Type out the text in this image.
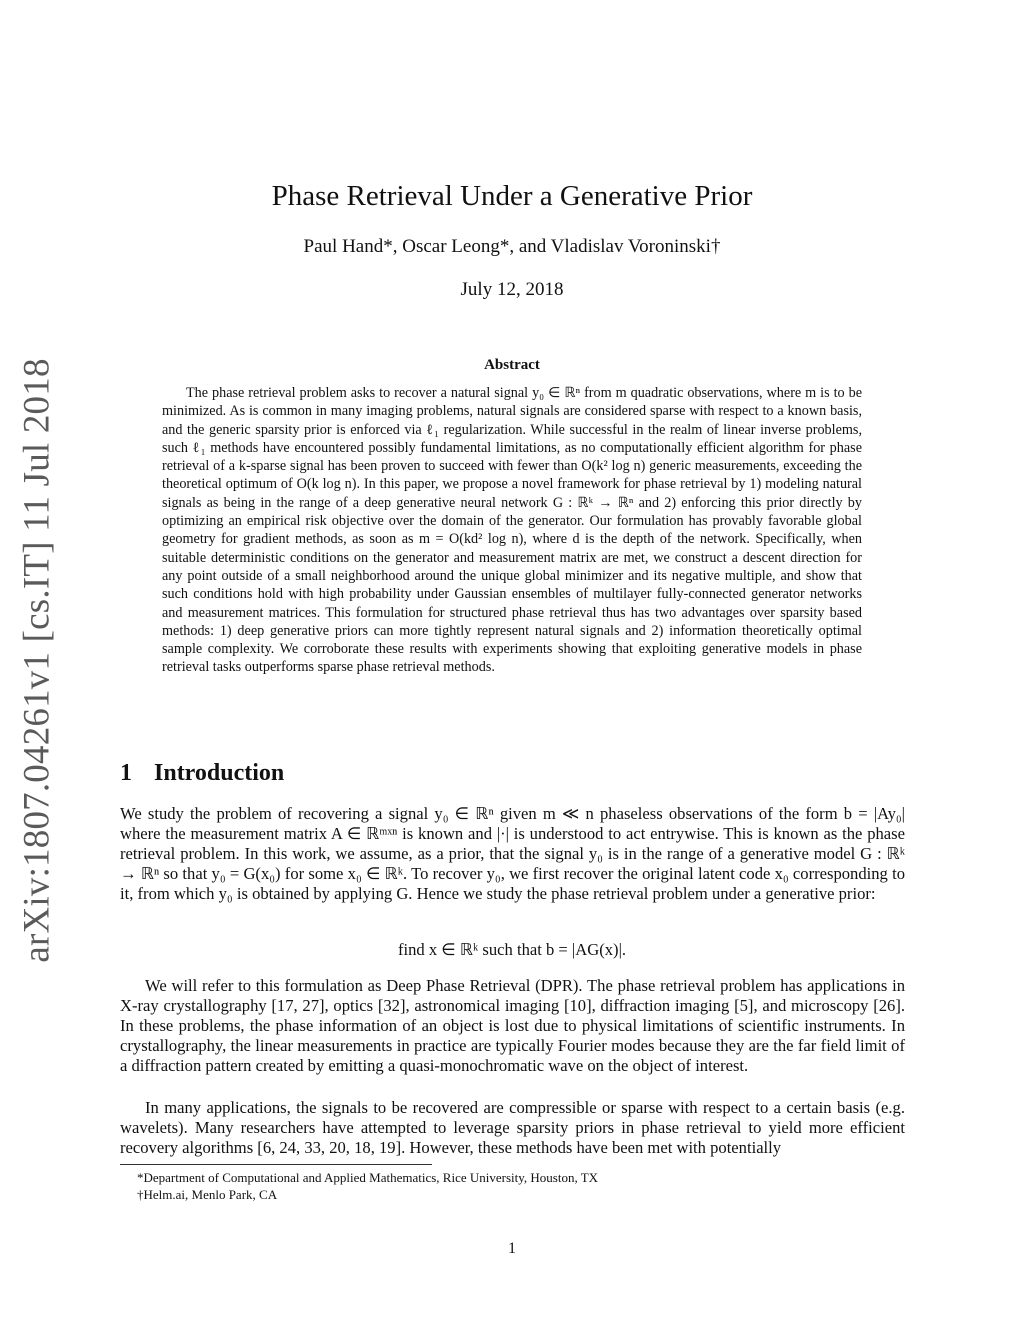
arXiv:1807.04261v1 [cs.IT] 11 Jul 2018
Phase Retrieval Under a Generative Prior
Paul Hand*, Oscar Leong*, and Vladislav Voroninski†
July 12, 2018
Abstract
The phase retrieval problem asks to recover a natural signal y₀ ∈ ℝⁿ from m quadratic observations, where m is to be minimized. As is common in many imaging problems, natural signals are considered sparse with respect to a known basis, and the generic sparsity prior is enforced via ℓ₁ regularization. While successful in the realm of linear inverse problems, such ℓ₁ methods have encountered possibly fundamental limitations, as no computationally efficient algorithm for phase retrieval of a k-sparse signal has been proven to succeed with fewer than O(k² log n) generic measurements, exceeding the theoretical optimum of O(k log n). In this paper, we propose a novel framework for phase retrieval by 1) modeling natural signals as being in the range of a deep generative neural network G : ℝᵏ → ℝⁿ and 2) enforcing this prior directly by optimizing an empirical risk objective over the domain of the generator. Our formulation has provably favorable global geometry for gradient methods, as soon as m = O(kd² log n), where d is the depth of the network. Specifically, when suitable deterministic conditions on the generator and measurement matrix are met, we construct a descent direction for any point outside of a small neighborhood around the unique global minimizer and its negative multiple, and show that such conditions hold with high probability under Gaussian ensembles of multilayer fully-connected generator networks and measurement matrices. This formulation for structured phase retrieval thus has two advantages over sparsity based methods: 1) deep generative priors can more tightly represent natural signals and 2) information theoretically optimal sample complexity. We corroborate these results with experiments showing that exploiting generative models in phase retrieval tasks outperforms sparse phase retrieval methods.
1 Introduction
We study the problem of recovering a signal y₀ ∈ ℝⁿ given m ≪ n phaseless observations of the form b = |Ay₀| where the measurement matrix A ∈ ℝᵐˣⁿ is known and |·| is understood to act entrywise. This is known as the phase retrieval problem. In this work, we assume, as a prior, that the signal y₀ is in the range of a generative model G : ℝᵏ → ℝⁿ so that y₀ = G(x₀) for some x₀ ∈ ℝᵏ. To recover y₀, we first recover the original latent code x₀ corresponding to it, from which y₀ is obtained by applying G. Hence we study the phase retrieval problem under a generative prior:
find x ∈ ℝᵏ such that b = |AG(x)|.
We will refer to this formulation as Deep Phase Retrieval (DPR). The phase retrieval problem has applications in X-ray crystallography [17, 27], optics [32], astronomical imaging [10], diffraction imaging [5], and microscopy [26]. In these problems, the phase information of an object is lost due to physical limitations of scientific instruments. In crystallography, the linear measurements in practice are typically Fourier modes because they are the far field limit of a diffraction pattern created by emitting a quasi-monochromatic wave on the object of interest.
In many applications, the signals to be recovered are compressible or sparse with respect to a certain basis (e.g. wavelets). Many researchers have attempted to leverage sparsity priors in phase retrieval to yield more efficient recovery algorithms [6, 24, 33, 20, 18, 19]. However, these methods have been met with potentially
*Department of Computational and Applied Mathematics, Rice University, Houston, TX
†Helm.ai, Menlo Park, CA
1
